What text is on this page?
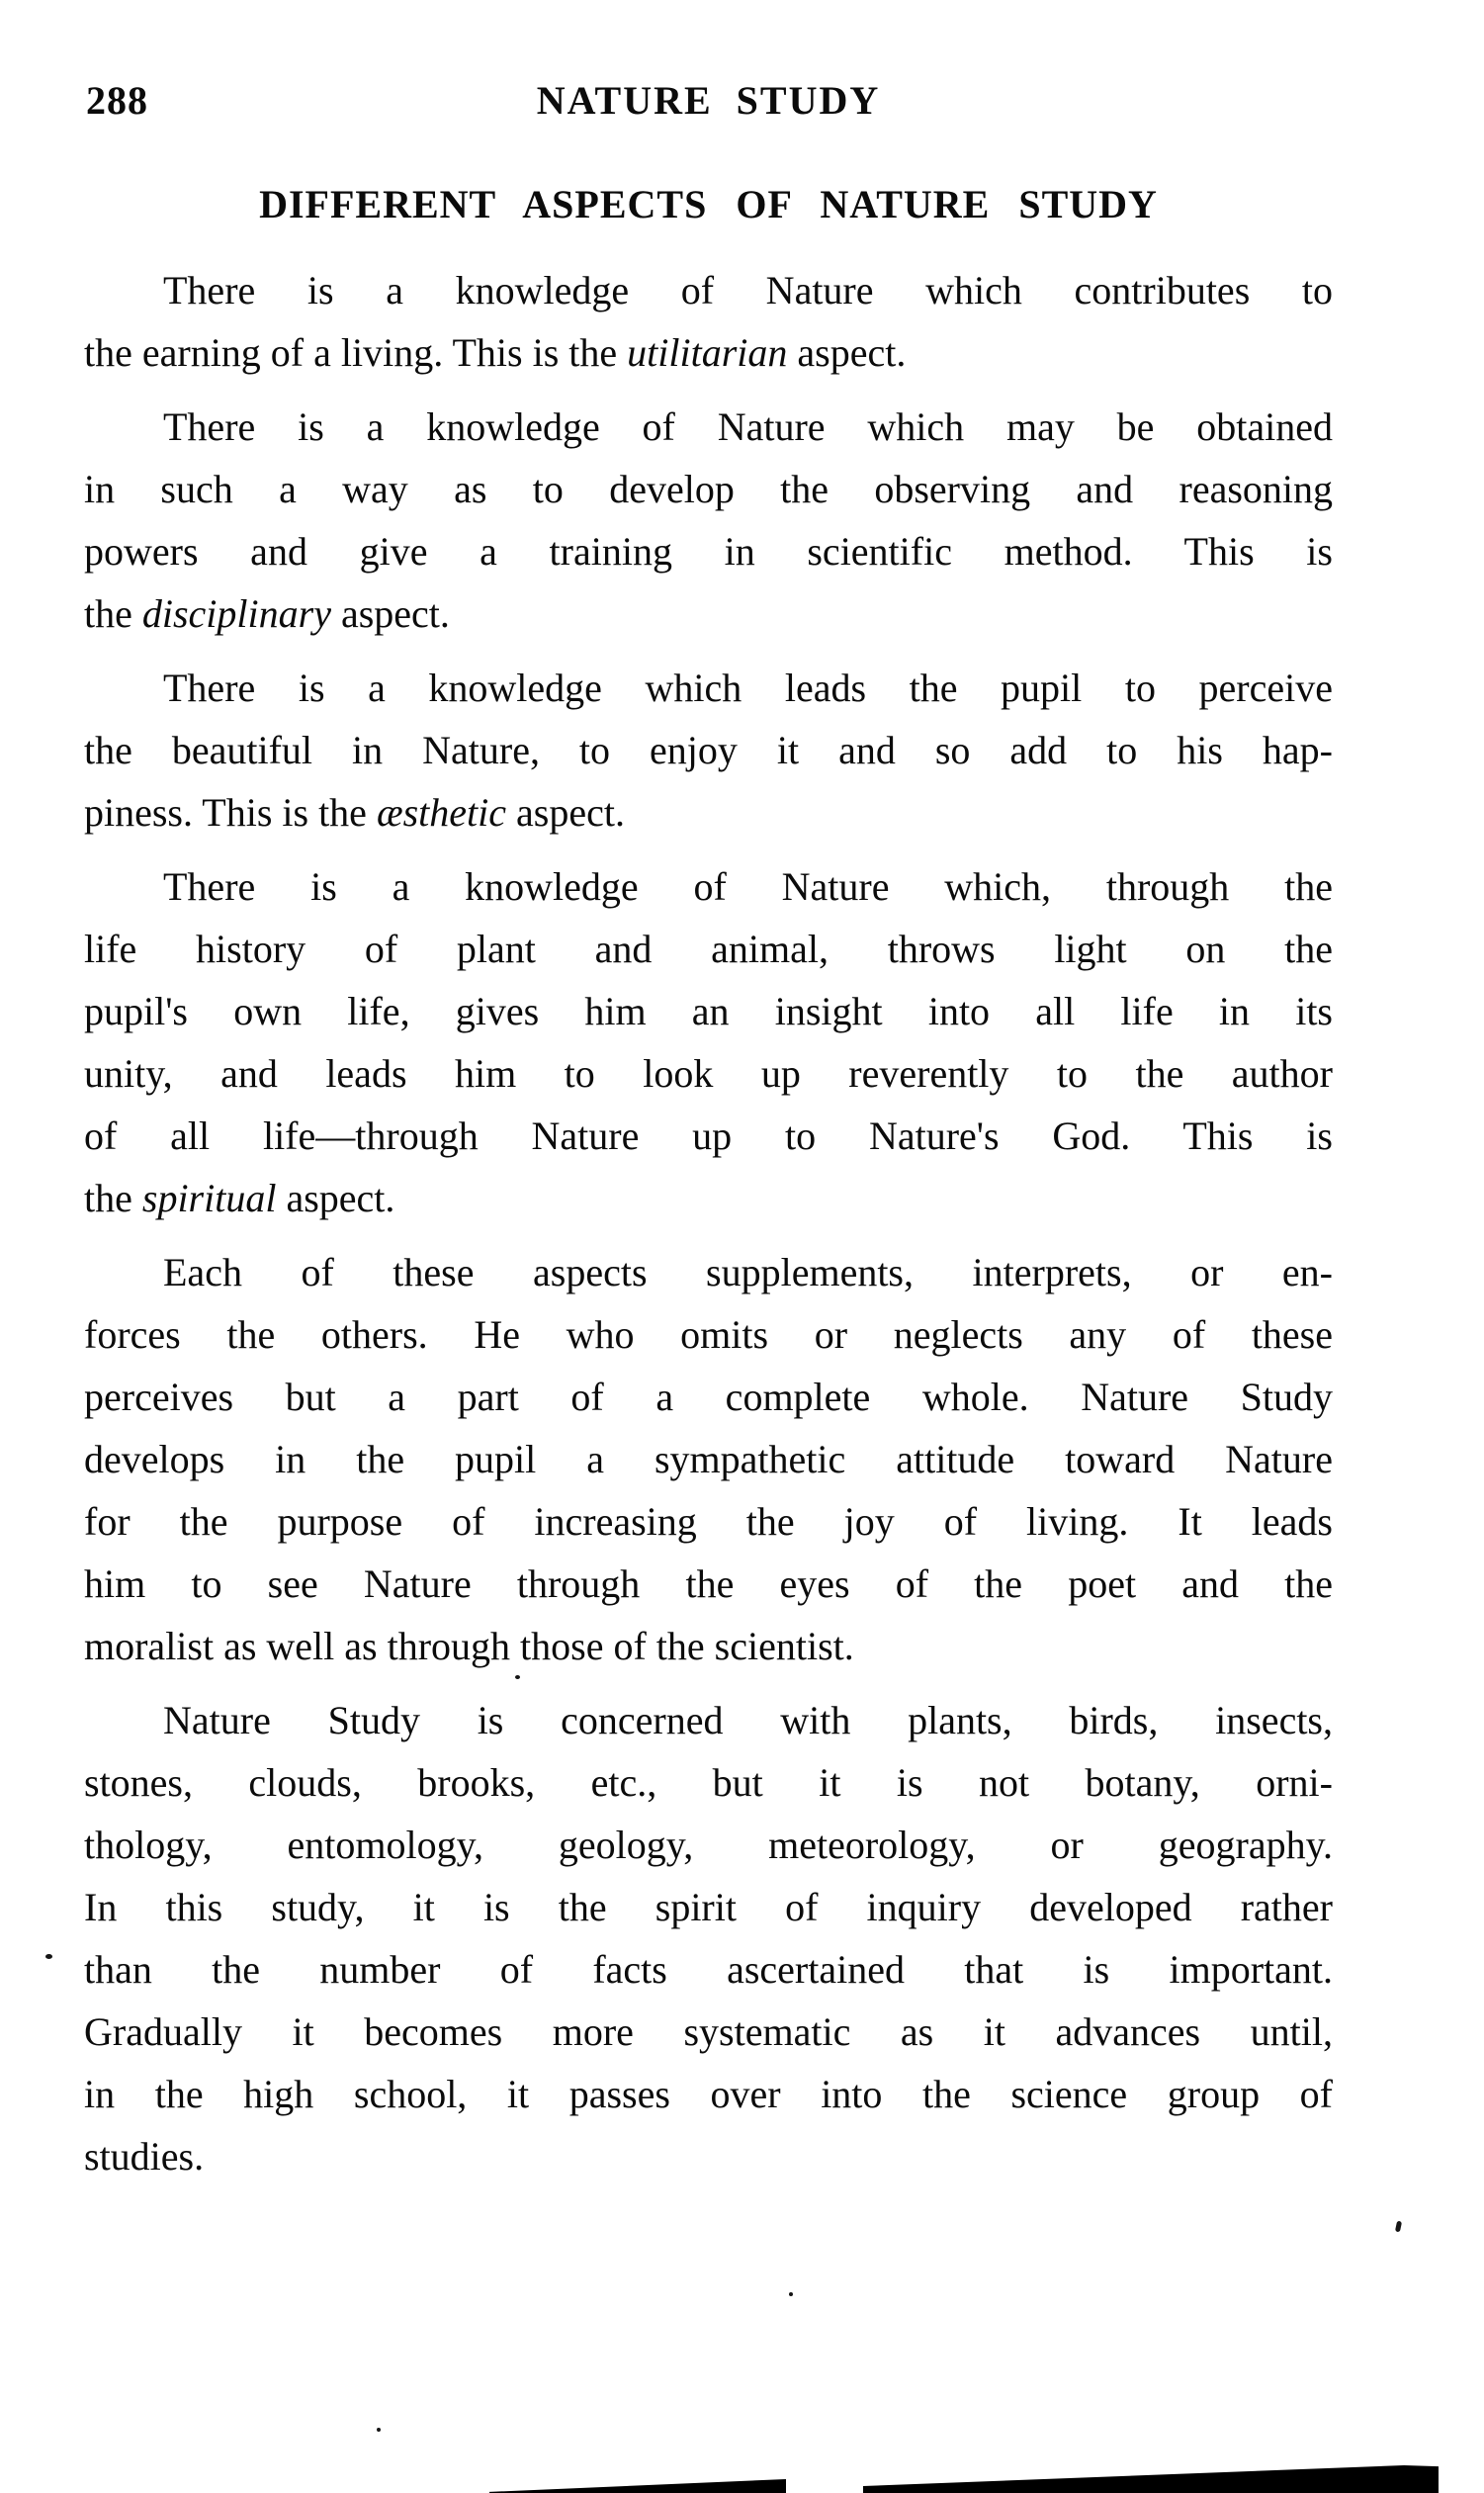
288	NATURE STUDY
DIFFERENT ASPECTS OF NATURE STUDY
There is a knowledge of Nature which contributes to
the earning of a living. This is the utilitarian aspect.
There is a knowledge of Nature which may be obtained
in such a way as to develop the observing and reasoning
powers and give a training in scientific method. This is
the disciplinary aspect.
There is a knowledge which leads the pupil to perceive
the beautiful in Nature, to enjoy it and so add to his hap-
piness. This is the æsthetic aspect.
There is a knowledge of Nature which, through the
life history of plant and animal, throws light on the
pupil's own life, gives him an insight into all life in its
unity, and leads him to look up reverently to the author
of all life—through Nature up to Nature's God. This is
the spiritual aspect.
Each of these aspects supplements, interprets, or en-
forces the others. He who omits or neglects any of these
perceives but a part of a complete whole. Nature Study
develops in the pupil a sympathetic attitude toward Nature
for the purpose of increasing the joy of living. It leads
him to see Nature through the eyes of the poet and the
moralist as well as through those of the scientist.
Nature Study is concerned with plants, birds, insects,
stones, clouds, brooks, etc., but it is not botany, orni-
thology, entomology, geology, meteorology, or geography.
In this study, it is the spirit of inquiry developed rather
than the number of facts ascertained that is important.
Gradually it becomes more systematic as it advances until,
in the high school, it passes over into the science group of
studies.
